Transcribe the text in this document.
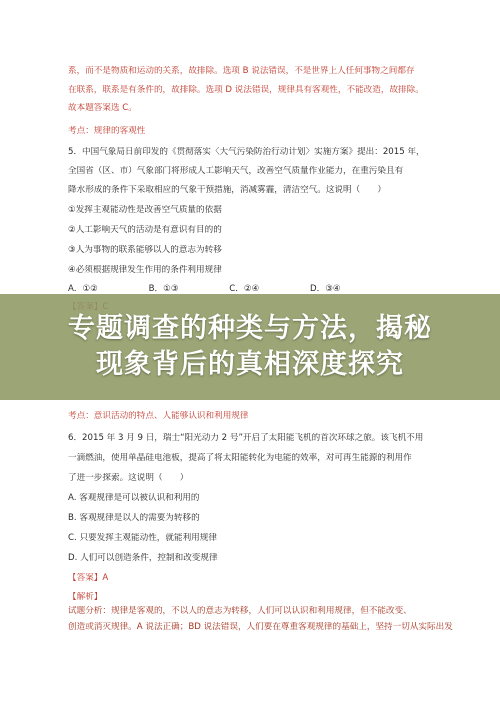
系，而不是物质和运动的关系，故排除。选项 B 说法错误，不是世界上人任何事物之间都存
在联系，联系是有条件的，故排除。选项 D 说法错误，规律具有客观性，不能改造，故排除。
故本题答案选 C。
考点：规律的客观性
5．中国气象局日前印发的《贯彻落实〈大气污染防治行动计划〉实施方案》提出：2015 年，
全国省（区、市）气象部门将形成人工影响天气，改善空气质量作业能力，在重污染且有
降水形成的条件下采取相应的气象干预措施，消减雾霾，清洁空气。这说明（　　）
①发挥主观能动性是改善空气质量的依据
②人工影响天气的活动是有意识有目的的
③人为事物的联系能够以人的意志为转移
④必须根据规律发生作用的条件利用规律
考点：意识活动的特点、人能够认识和利用规律
6．2015 年 3 月 9 日，瑞士“阳光动力 2 号”开启了太阳能飞机的首次环球之旅。该飞机不用
一滴燃油，使用单晶硅电池板，提高了将太阳能转化为电能的效率，对可再生能源的利用作
了进一步探索。这说明（　　）
A. 客观规律是可以被认识和利用的
B. 客观规律是以人的需要为转移的
C. 只要发挥主观能动性，就能利用规律
D. 人们可以创造条件，控制和改变规律
【答案】A
【解析】
试题分析：规律是客观的，不以人的意志为转移，人们可以认识和利用规律，但不能改变、
创造或消灭规律。A 说法正确；BD 说法错误，人们要在尊重客观规律的基础上，坚持一切从实际出发
A．①②	B．①③	C．②④	D．③④
专题调查的种类与方法，揭秘
现象背后的真相深度探究
